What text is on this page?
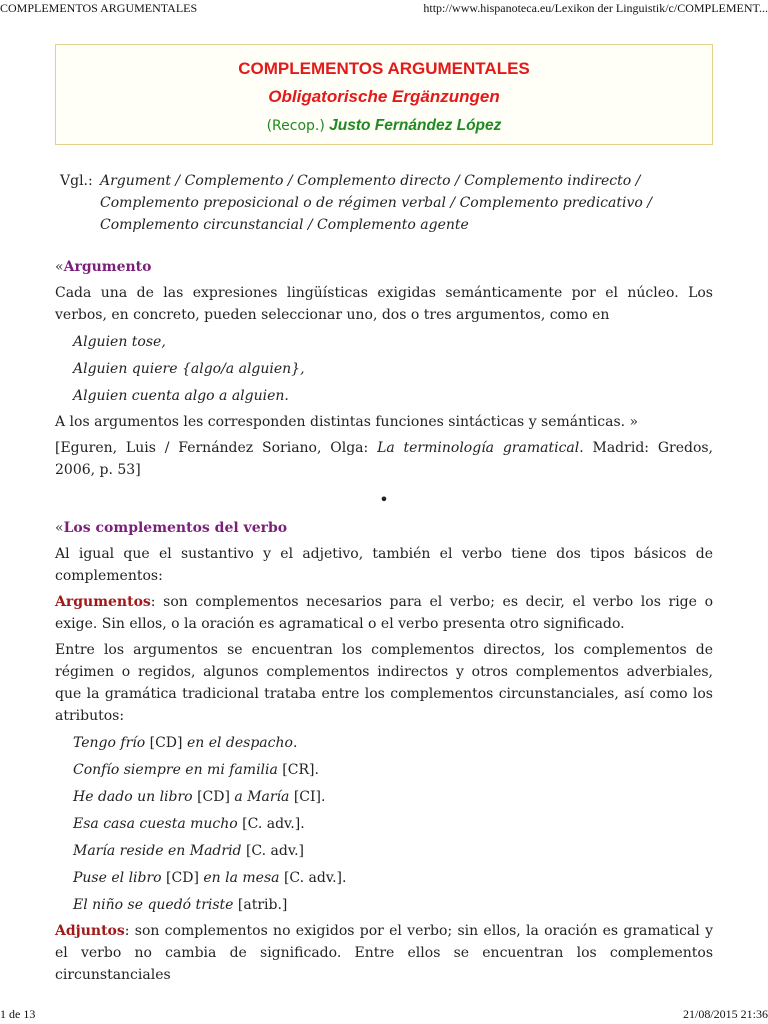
COMPLEMENTOS ARGUMENTALES	http://www.hispanoteca.eu/Lexikon der Linguistik/c/COMPLEMENT...
COMPLEMENTOS ARGUMENTALES
Obligatorische Ergänzungen
(Recop.) Justo Fernández López
Vgl.: Argument / Complemento / Complemento directo / Complemento indirecto /
Complemento preposicional o de régimen verbal / Complemento predicativo /
Complemento circunstancial / Complemento agente
«Argumento

Cada una de las expresiones lingüísticas exigidas semánticamente por el núcleo. Los verbos, en concreto, pueden seleccionar uno, dos o tres argumentos, como en

Alguien tose,
Alguien quiere {algo/a alguien},
Alguien cuenta algo a alguien.

A los argumentos les corresponden distintas funciones sintácticas y semánticas. »

[Eguren, Luis / Fernández Soriano, Olga: La terminología gramatical. Madrid: Gredos, 2006, p. 53]

•
«Los complementos del verbo

Al igual que el sustantivo y el adjetivo, también el verbo tiene dos tipos básicos de complementos:

Argumentos: son complementos necesarios para el verbo; es decir, el verbo los rige o exige. Sin ellos, o la oración es agramatical o el verbo presenta otro significado.

Entre los argumentos se encuentran los complementos directos, los complementos de régimen o regidos, algunos complementos indirectos y otros complementos adverbiales, que la gramática tradicional trataba entre los complementos circunstanciales, así como los atributos:

Tengo frío [CD] en el despacho.
Confío siempre en mi familia [CR].
He dado un libro [CD] a María [CI].
Esa casa cuesta mucho [C. adv.].
María reside en Madrid [C. adv.]
Puse el libro [CD] en la mesa [C. adv.].
El niño se quedó triste [atrib.]

Adjuntos: son complementos no exigidos por el verbo; sin ellos, la oración es gramatical y el verbo no cambia de significado. Entre ellos se encuentran los complementos circunstanciales

1 de 13	21/08/2015 21:36
